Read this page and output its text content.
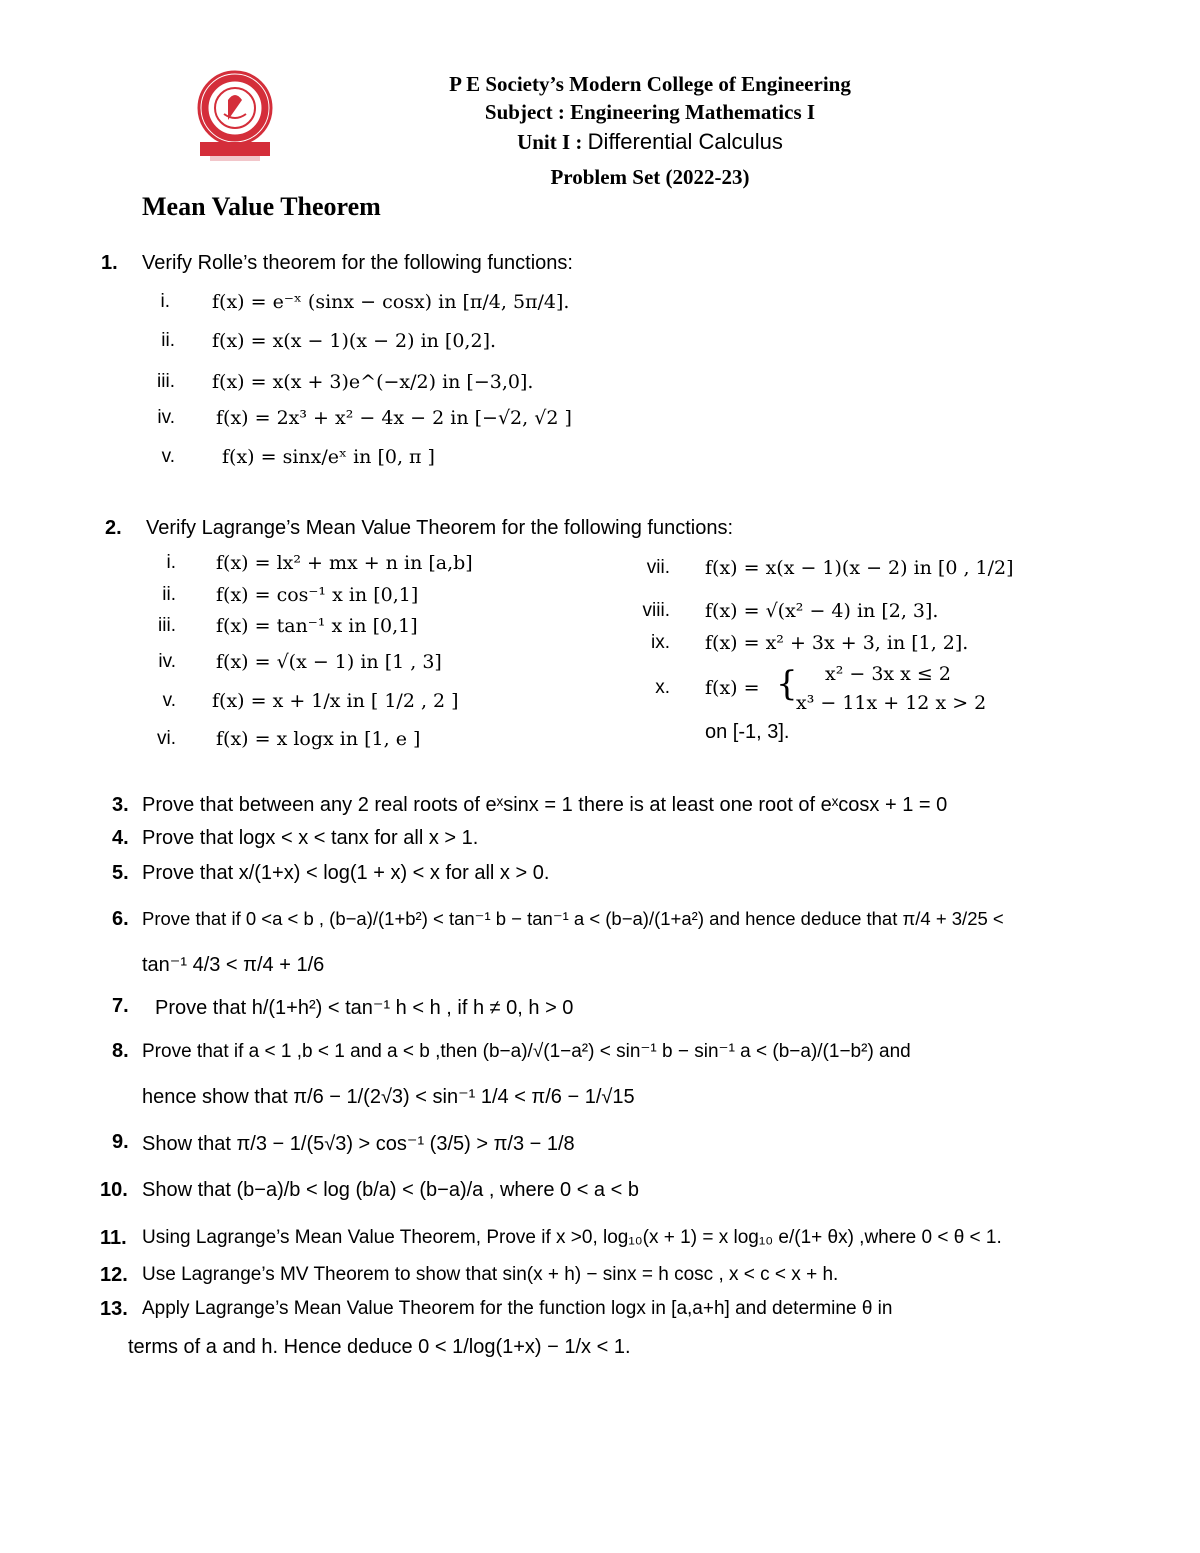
P E Society’s Modern College of Engineering
Subject : Engineering Mathematics I
Unit I : Differential Calculus
Problem Set (2022-23)
Mean Value Theorem
1. Verify Rolle’s theorem for the following functions:
i. f(x) = e⁻ˣ (sinx − cosx) in [π/4, 5π/4].
ii. f(x) = x(x − 1)(x − 2) in [0,2].
iii. f(x) = x(x + 3)e^(−x/2) in [−3,0].
iv. f(x) = 2x³ + x² − 4x − 2 in [−√2, √2 ]
v. f(x) = sinx/eˣ in [0, π ]
2. Verify Lagrange’s Mean Value Theorem for the following functions:
i. f(x) = lx² + mx + n in [a,b]
ii. f(x) = cos⁻¹ x in [0,1]
iii. f(x) = tan⁻¹ x in [0,1]
iv. f(x) = √(x − 1) in [1 , 3]
v. f(x) = x + 1/x in [ 1/2 , 2 ]
vi. f(x) = x logx in [1, e ]
vii. f(x) = x(x − 1)(x − 2) in [0 , 1/2]
viii. f(x) = √(x² − 4) in [2, 3].
ix. f(x) = x² + 3x + 3, in [1, 2].
x. f(x) = { x² − 3x x ≤ 2
x³ − 11x + 12 x > 2
on [-1, 3].
3. Prove that between any 2 real roots of eˣsinx = 1 there is at least one root of eˣcosx + 1 = 0
4. Prove that logx < x < tanx for all x > 1.
5. Prove that x/(1+x) < log(1 + x) < x for all x > 0.
6. Prove that if 0 <a < b , (b−a)/(1+b²) < tan⁻¹ b − tan⁻¹ a < (b−a)/(1+a²) and hence deduce that π/4 + 3/25 <
tan⁻¹ 4/3 < π/4 + 1/6
7. Prove that h/(1+h²) < tan⁻¹ h < h , if h ≠ 0, h > 0
8. Prove that if a < 1 ,b < 1 and a < b ,then (b−a)/√(1−a²) < sin⁻¹ b − sin⁻¹ a < (b−a)/(1−b²) and
hence show that π/6 − 1/(2√3) < sin⁻¹ 1/4 < π/6 − 1/√15
9. Show that π/3 − 1/(5√3) > cos⁻¹ (3/5) > π/3 − 1/8
10. Show that (b−a)/b < log (b/a) < (b−a)/a , where 0 < a < b
11. Using Lagrange’s Mean Value Theorem, Prove if x >0, log₁₀(x + 1) = x log₁₀ e/(1+ θx) ,where 0 < θ < 1.
12. Use Lagrange’s MV Theorem to show that sin(x + h) − sinx = h cosc , x < c < x + h.
13. Apply Lagrange’s Mean Value Theorem for the function logx in [a,a+h] and determine θ in
terms of a and h. Hence deduce 0 < 1/log(1+x) − 1/x < 1.
